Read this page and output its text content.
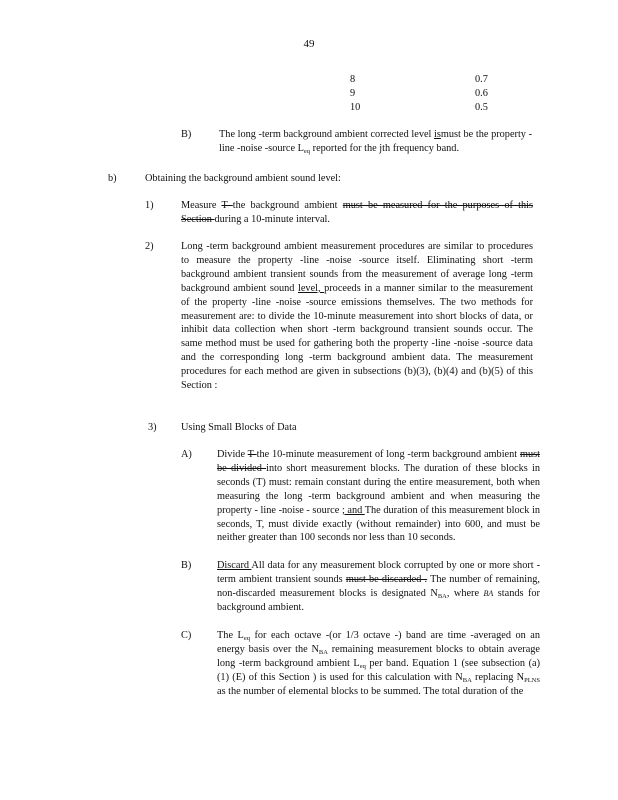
49
8	0.7
9	0.6
10	0.5
B)	The long -term background ambient corrected level ismust be the property -line -noise -source $L_{eq}$ reported for the jth frequency band.
b)	Obtaining the background ambient sound level:
1)	Measure T the background ambient must be measured for the purposes of this Section during a 10-minute interval.
2)	Long -term background ambient measurement procedures are similar to procedures to measure the property -line -noise -source itself. Eliminating short -term background ambient transient sounds from the measurement of average long -term background ambient sound level, proceeds in a manner similar to the measurement of the property -line -noise -source emissions themselves. The two methods for measurement are: to divide the 10-minute measurement into short blocks of data, or inhibit data collection when short -term background transient sounds occur. The same method must be used for gathering both the property -line -noise -source data and the corresponding long -term background ambient data. The measurement procedures for each method are given in subsections (b)(3), (b)(4) and (b)(5) of this Section :
3) Using Small Blocks of Data
A) Divide T the 10-minute measurement of long -term background ambient must be divided into short measurement blocks. The duration of these blocks in seconds (T) must: remain constant during the entire measurement, both when measuring the long -term background ambient and when measuring the property - line -noise - source ; and The duration of this measurement block in seconds, T, must divide exactly (without remainder) into 600, and must be neither greater than 100 seconds nor less than 10 seconds.
B) Discard All data for any measurement block corrupted by one or more short -term ambient transient sounds must be discarded . The number of remaining, non-discarded measurement blocks is designated $N_{BA}$, where BA stands for background ambient.
C) The $L_{eq}$ for each octave -(or 1/3 octave -) band are time -averaged on an energy basis over the $N_{BA}$ remaining measurement blocks to obtain average long -term background ambient $L_{eq}$ per band. Equation 1 (see subsection (a) (1) (E) of this Section ) is used for this calculation with $N_{BA}$ replacing $N_{PLNS}$ as the number of elemental blocks to be summed. The total duration of the
